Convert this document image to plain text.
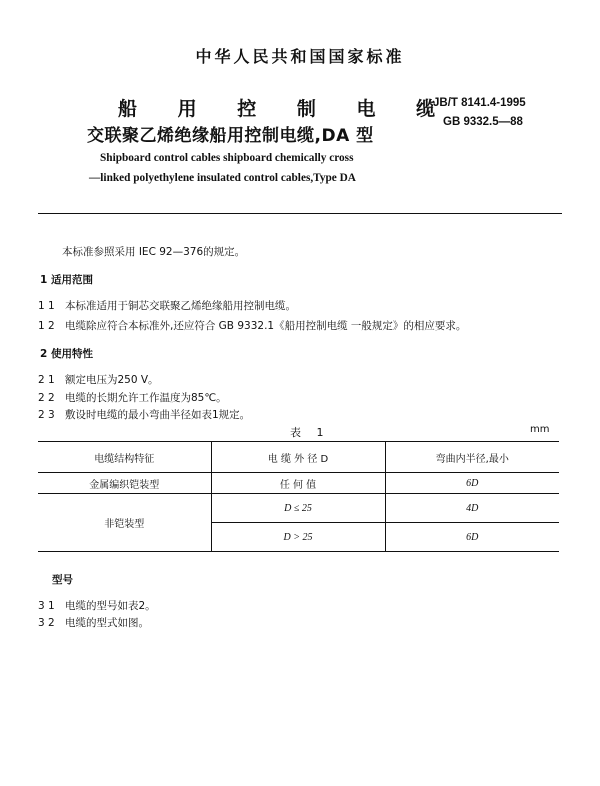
中华人民共和国国家标准
船 用 控 制 电 缆
交联聚乙烯绝缘船用控制电缆,DA 型
JB/T 8141.4-1995
GB 9332.5—88
Shipboard control cables shipboard chemically cross
—linked polyethylene insulated control cables,Type DA
本标准参照采用 IEC 92—376的规定。
1 适用范围
1 1 本标准适用于铜芯交联聚乙烯绝缘船用控制电缆。
1 2 电缆除应符合本标准外,还应符合 GB 9332.1《船用控制电缆 一般规定》的相应要求。
2 使用特性
2 1 额定电压为250 V。
2 2 电缆的长期允许工作温度为85℃。
2 3 敷设时电缆的最小弯曲半径如表1规定。
表 1	mm
电缆结构特征	电 缆 外 径 D	弯曲内半径,最小
金属编织铠装型	任 何 值	6D
非铠装型	D ≤ 25	4D
	D > 25	6D
型号
3 1 电缆的型号如表2。
3 2 电缆的型式如图。
